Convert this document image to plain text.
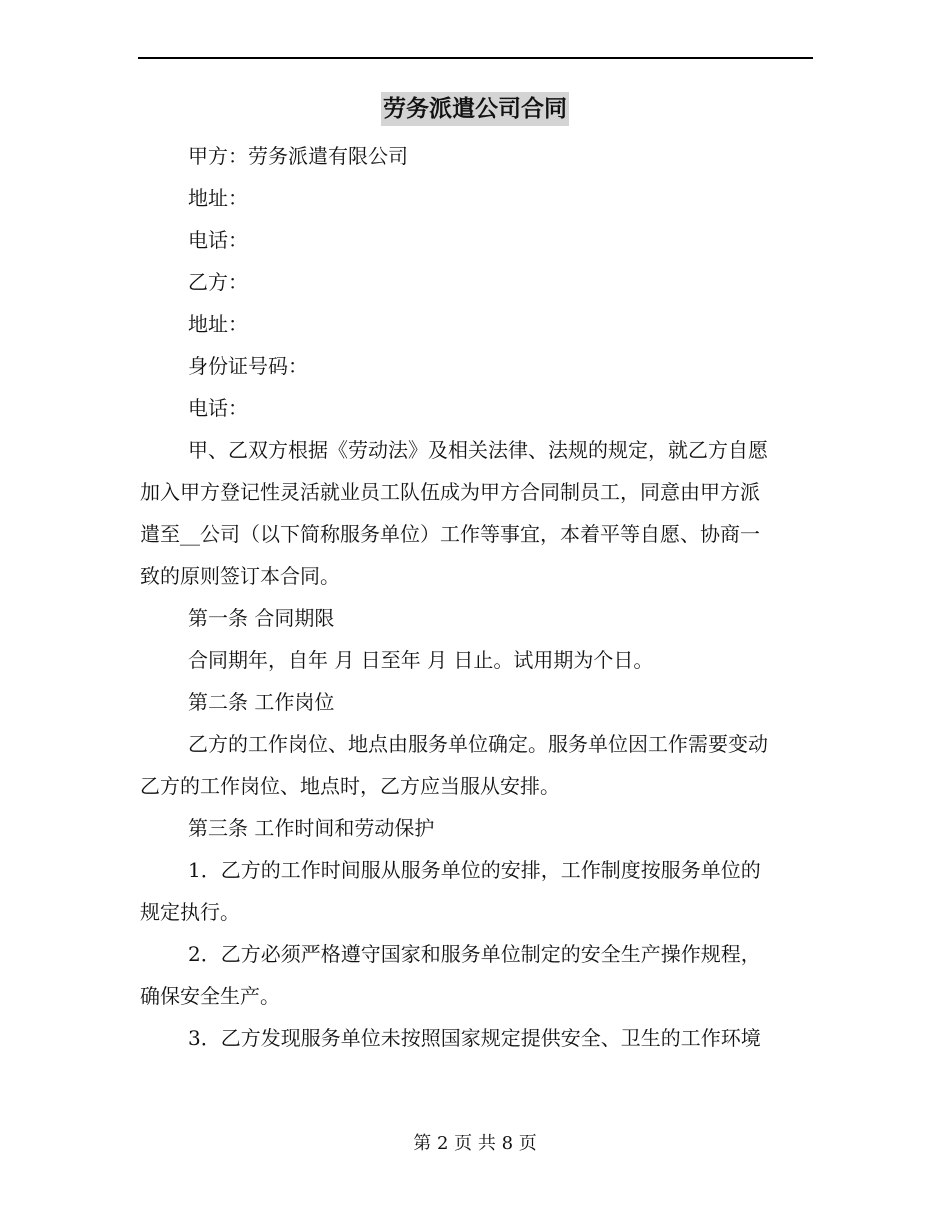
劳务派遣公司合同
甲方：劳务派遣有限公司
地址：
电话：
乙方：
地址：
身份证号码：
电话：
甲、乙双方根据《劳动法》及相关法律、法规的规定，就乙方自愿
加入甲方登记性灵活就业员工队伍成为甲方合同制员工，同意由甲方派
遣至__公司（以下简称服务单位）工作等事宜，本着平等自愿、协商一
致的原则签订本合同。
第一条 合同期限
合同期年，自年 月 日至年 月 日止。试用期为个日。
第二条 工作岗位
乙方的工作岗位、地点由服务单位确定。服务单位因工作需要变动
乙方的工作岗位、地点时，乙方应当服从安排。
第三条 工作时间和劳动保护
1．乙方的工作时间服从服务单位的安排，工作制度按服务单位的
规定执行。
2．乙方必须严格遵守国家和服务单位制定的安全生产操作规程，
确保安全生产。
3．乙方发现服务单位未按照国家规定提供安全、卫生的工作环境
第 2 页 共 8 页
